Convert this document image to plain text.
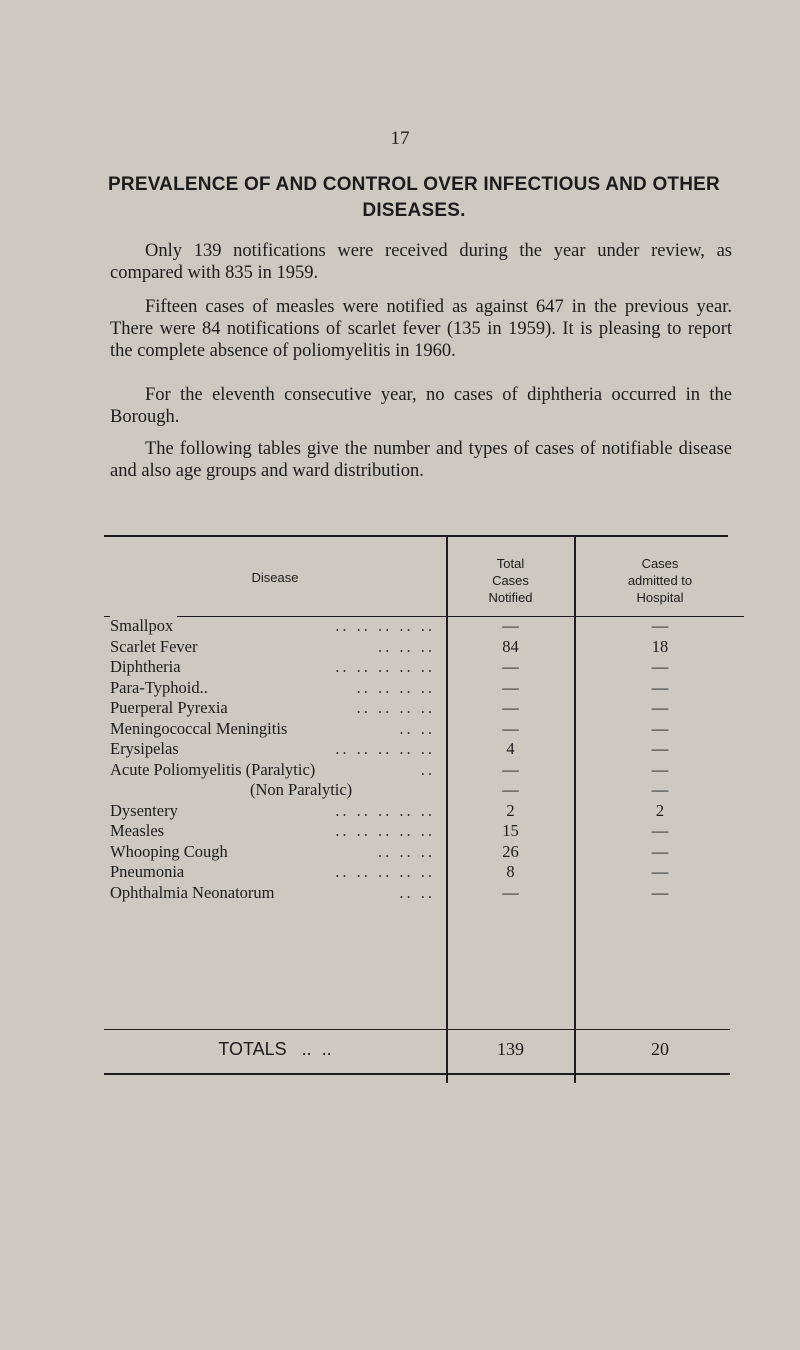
17
PREVALENCE OF AND CONTROL OVER INFECTIOUS AND OTHER DISEASES.

Only 139 notifications were received during the year under review, as compared with 835 in 1959.

Fifteen cases of measles were notified as against 647 in the previous year. There were 84 notifications of scarlet fever (135 in 1959). It is pleasing to report the complete absence of poliomyelitis in 1960.

For the eleventh consecutive year, no cases of diphtheria occurred in the Borough.

The following tables give the number and types of cases of notifiable disease and also age groups and ward distribution.

Disease
Total
Cases
Notified
Cases
admitted to
Hospital
.. .. .. .. ..
Smallpox
.. .. ..
Scarlet Fever
.. .. .. .. ..
Diphtheria
.. .. .. ..
Para-Typhoid..
.. .. .. ..
Puerperal Pyrexia
.. ..
Meningococcal Meningitis
.. .. .. .. ..
Erysipelas
..
Acute Poliomyelitis (Paralytic)
(Non Paralytic)
.. .. .. .. ..
Dysentery
.. .. .. .. ..
Measles
.. .. ..
Whooping Cough
.. .. .. .. ..
Pneumonia
.. ..
Ophthalmia Neonatorum
—
84
—
—
—
—
4
—
—
2
15
26
8
—
—
18
—
—
—
—
—
—
—
2
—
—
—
—
TOTALS   ..  ..	139	20
